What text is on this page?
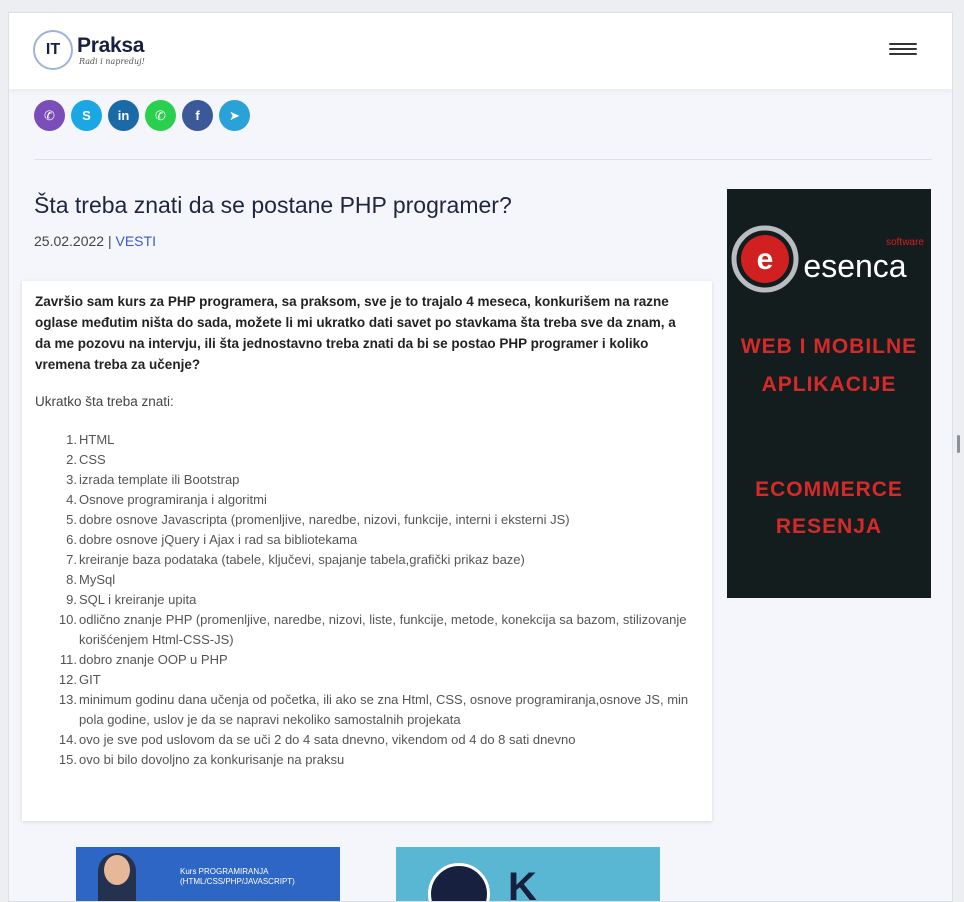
IT Praksa
Radi i napreduj!
✆	S	in	✆	f	➤
Šta treba znati da se postane PHP programer?
25.02.2022 | VESTI

Završio sam kurs za PHP programera, sa praksom, sve je to trajalo 4 meseca, konkurišem na razne oglase međutim ništa do sada, možete li mi ukratko dati savet po stavkama šta treba sve da znam, a da me pozovu na intervju, ili šta jednostavno treba znati da bi se postao PHP programer i koliko vremena treba za učenje?

Ukratko šta treba znati:

1. HTML
2. CSS
3. izrada template ili Bootstrap
4. Osnove programiranja i algoritmi
5. dobre osnove Javascripta (promenljive, naredbe, nizovi, funkcije, interni i eksterni JS)
6. dobre osnove jQuery i Ajax i rad sa bibliotekama
7. kreiranje baza podataka (tabele, ključevi, spajanje tabela,grafički prikaz baze)
8. MySql
9. SQL i kreiranje upita
10. odlično znanje PHP (promenljive, naredbe, nizovi, liste, funkcije, metode, konekcija sa bazom, stilizovanje korišćenjem Html-CSS-JS)
11. dobro znanje OOP u PHP
12. GIT
13. minimum godinu dana učenja od početka, ili ako se zna Html, CSS, osnove programiranja,osnove JS, min pola godine, uslov je da se napravi nekoliko samostalnih projekata
14. ovo je sve pod uslovom da se uči 2 do 4 sata dnevno, vikendom od 4 do 8 sati dnevno
15. ovo bi bilo dovoljno za konkurisanje na praksu
e esenca
software
WEB I MOBILNE
APLIKACIJE
ECOMMERCE
RESENJA
Kurs PROGRAMIRANJA (HTML/CSS/PHP/JAVASCRIPT)	K
